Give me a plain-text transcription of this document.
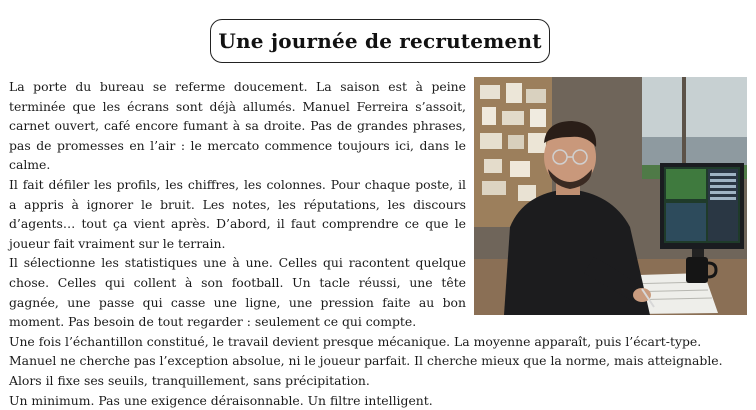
Une journée de recrutement

La porte du bureau se referme doucement. La saison est à peine terminée que les écrans sont déjà allumés. Manuel Ferreira s’assoit, carnet ouvert, café encore fumant à sa droite. Pas de grandes phrases, pas de promesses en l’air : le mercato commence toujours ici, dans le calme.

Il fait défiler les profils, les chiffres, les colonnes. Pour chaque poste, il a appris à ignorer le bruit. Les notes, les réputations, les discours d’agents… tout ça vient après. D’abord, il faut comprendre ce que le joueur fait vraiment sur le terrain.

Il sélectionne les statistiques une à une. Celles qui racontent quelque chose. Celles qui collent à son football. Un tacle réussi, une tête gagnée, une passe qui casse une ligne, une pression faite au bon moment. Pas besoin de tout regarder : seulement ce qui compte.

Une fois l’échantillon constitué, le travail devient presque mécanique. La moyenne apparaît, puis l’écart-type. Manuel ne cherche pas l’exception absolue, ni le joueur parfait. Il cherche mieux que la norme, mais atteignable. Alors il fixe ses seuils, tranquillement, sans précipitation.

Un minimum. Pas une exigence déraisonnable. Un filtre intelligent.
